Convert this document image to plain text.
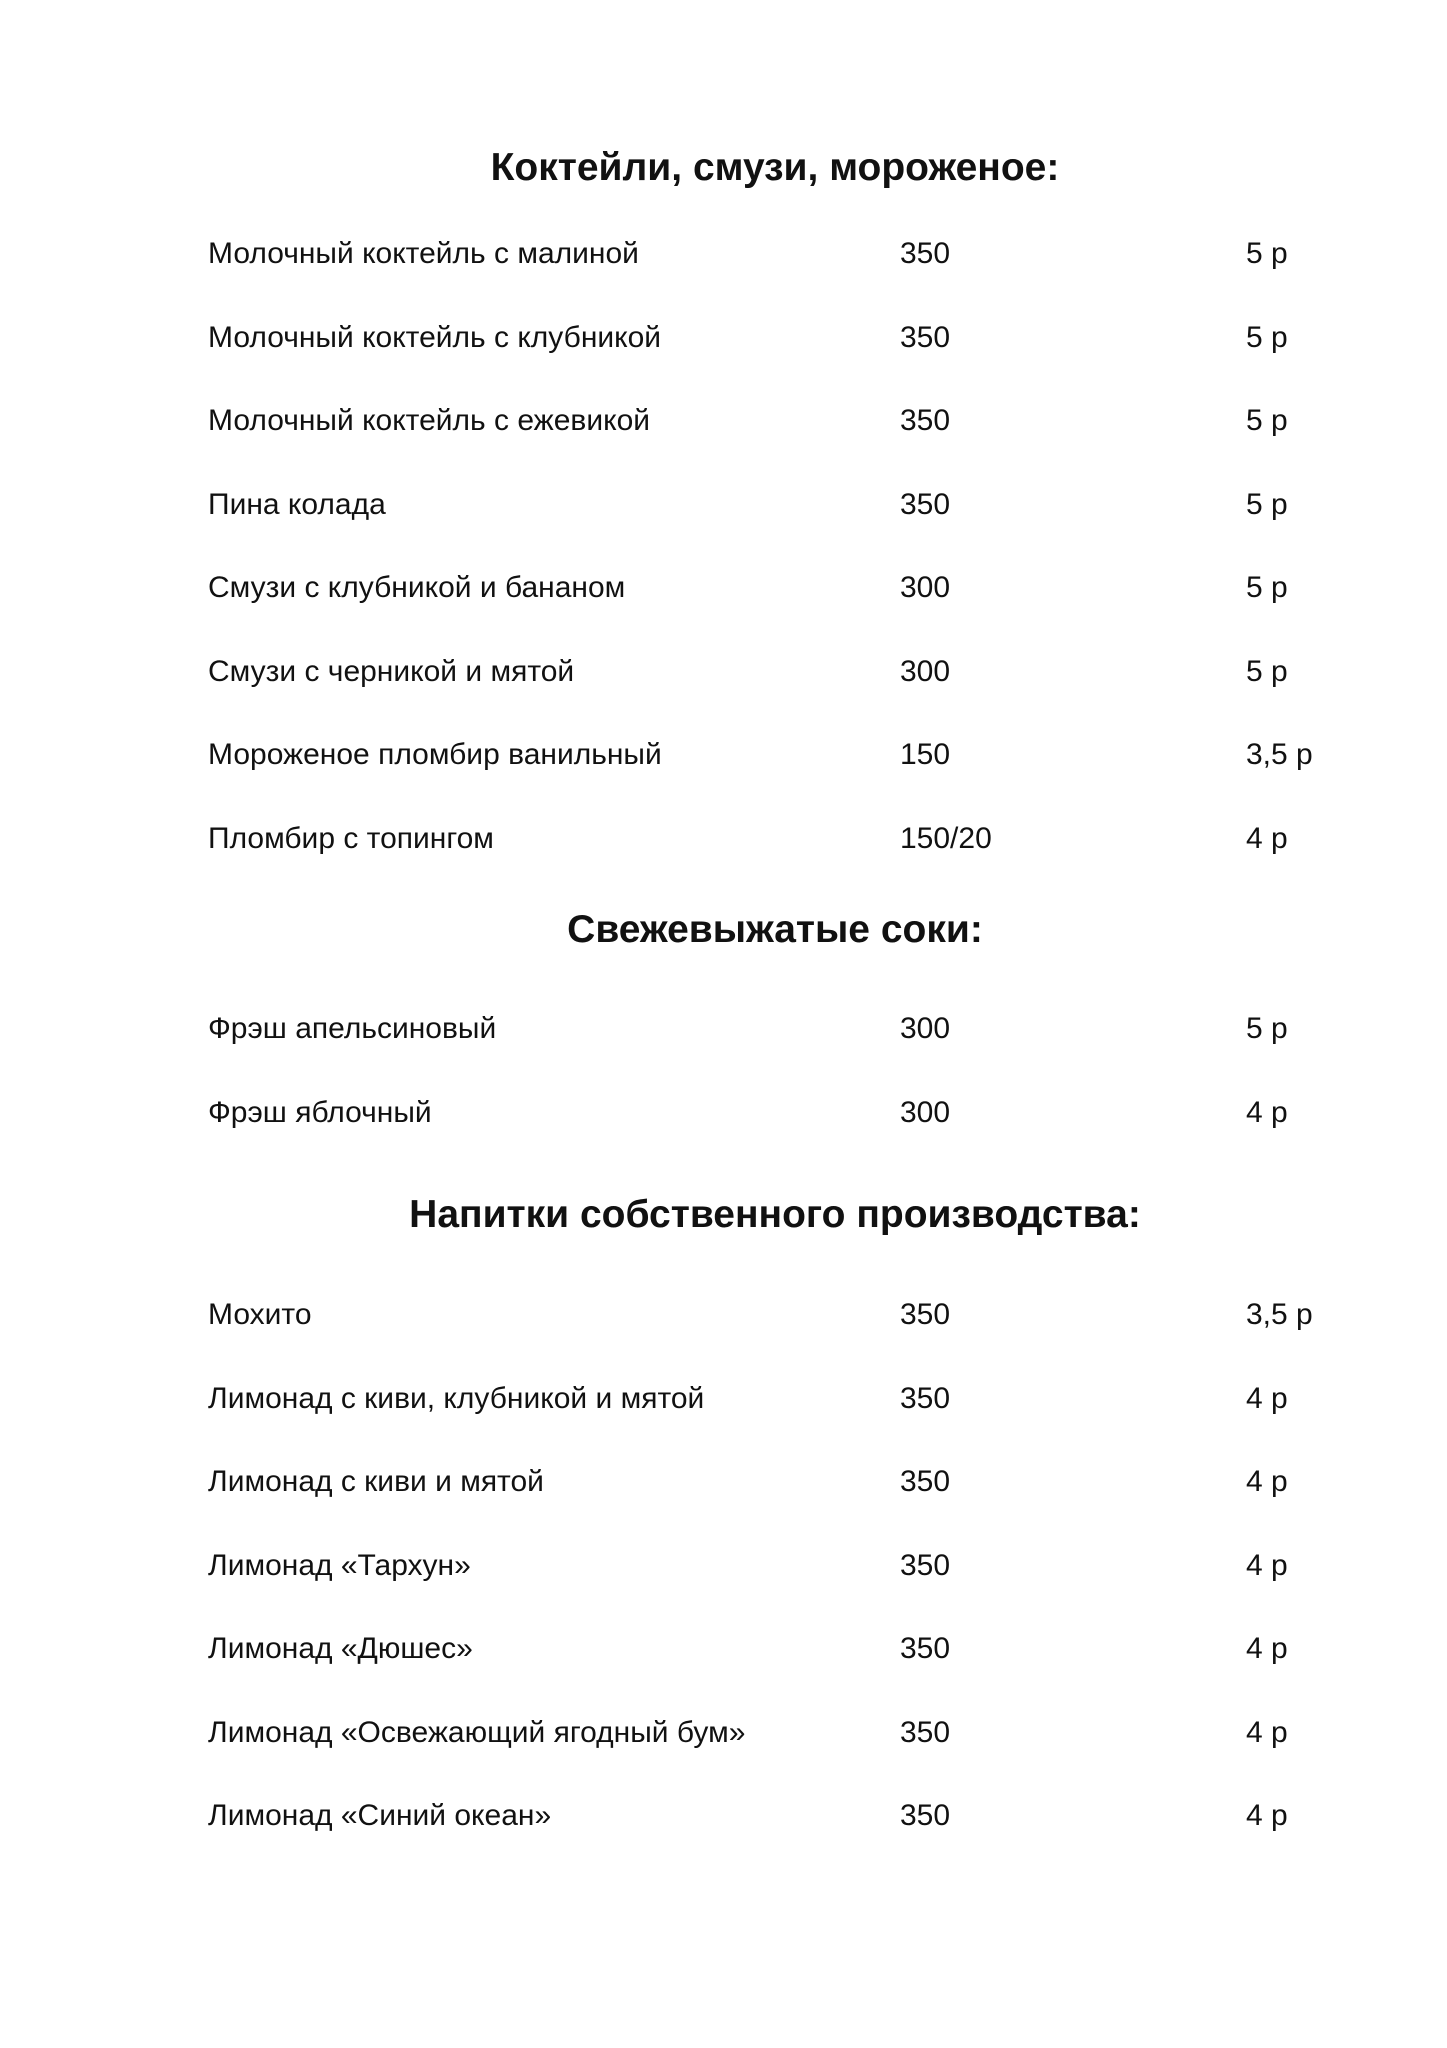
Коктейли, смузи, мороженое:
Молочный коктейль с малиной	350	5 р
Молочный коктейль с клубникой	350	5 р
Молочный коктейль с ежевикой	350	5 р
Пина колада	350	5 р
Смузи с клубникой и бананом	300	5 р
Смузи с черникой и мятой	300	5 р
Мороженое пломбир ванильный	150	3,5 р
Пломбир с топингом	150/20	4 р
Свежевыжатые соки:
Фрэш апельсиновый	300	5 р
Фрэш яблочный	300	4 р
Напитки собственного производства:
Мохито	350	3,5 р
Лимонад с киви, клубникой и мятой	350	4 р
Лимонад с киви и мятой	350	4 р
Лимонад «Тархун»	350	4 р
Лимонад «Дюшес»	350	4 р
Лимонад «Освежающий ягодный бум»	350	4 р
Лимонад «Синий океан»	350	4 р
